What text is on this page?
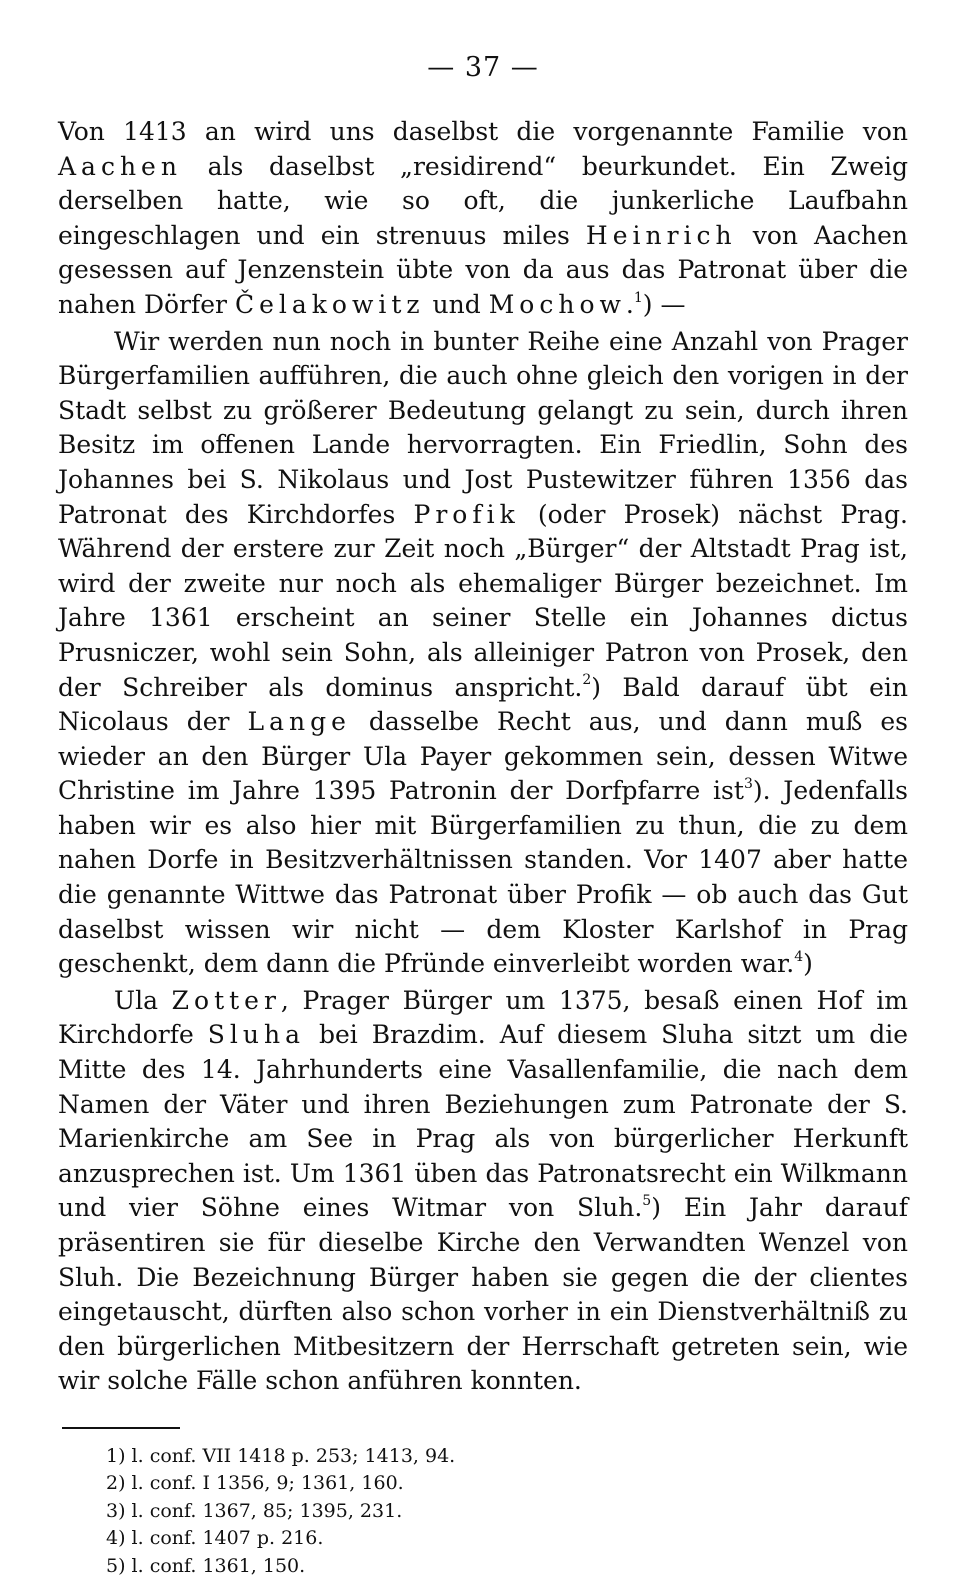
— 37 —

Von 1413 an wird uns daselbst die vorgenannte Familie von Aachen als daselbst „residirend“ beurkundet. Ein Zweig derselben hatte, wie so oft, die junkerliche Laufbahn eingeschlagen und ein strenuus miles Heinrich von Aachen gesessen auf Jenzenstein übte von da aus das Patronat über die nahen Dörfer Čelakowitz und Mochow.$^1$) —

Wir werden nun noch in bunter Reihe eine Anzahl von Prager Bürgerfamilien aufführen, die auch ohne gleich den vorigen in der Stadt selbst zu größerer Bedeutung gelangt zu sein, durch ihren Besitz im offenen Lande hervorragten. Ein Friedlin, Sohn des Johannes bei S. Nikolaus und Jost Pustewitzer führen 1356 das Patronat des Kirchdorfes Profik (oder Prosek) nächst Prag. Während der erstere zur Zeit noch „Bürger“ der Altstadt Prag ist, wird der zweite nur noch als ehemaliger Bürger bezeichnet. Im Jahre 1361 erscheint an seiner Stelle ein Johannes dictus Prusniczer, wohl sein Sohn, als alleiniger Patron von Prosek, den der Schreiber als dominus anspricht.$^2$) Bald darauf übt ein Nicolaus der Lange dasselbe Recht aus, und dann muß es wieder an den Bürger Ula Payer gekommen sein, dessen Witwe Christine im Jahre 1395 Patronin der Dorfpfarre ist$^3$). Jedenfalls haben wir es also hier mit Bürgerfamilien zu thun, die zu dem nahen Dorfe in Besitzverhältnissen standen. Vor 1407 aber hatte die genannte Wittwe das Patronat über Profik — ob auch das Gut daselbst wissen wir nicht — dem Kloster Karlshof in Prag geschenkt, dem dann die Pfründe einverleibt worden war.$^4$)

Ula Zotter, Prager Bürger um 1375, besaß einen Hof im Kirchdorfe Sluha bei Brazdim. Auf diesem Sluha sitzt um die Mitte des 14. Jahrhunderts eine Vasallenfamilie, die nach dem Namen der Väter und ihren Beziehungen zum Patronate der S. Marienkirche am See in Prag als von bürgerlicher Herkunft anzusprechen ist. Um 1361 üben das Patronatsrecht ein Wilkmann und vier Söhne eines Witmar von Sluh.$^5$) Ein Jahr darauf präsentiren sie für dieselbe Kirche den Verwandten Wenzel von Sluh. Die Bezeichnung Bürger haben sie gegen die der clientes eingetauscht, dürften also schon vorher in ein Dienstverhältniß zu den bürgerlichen Mitbesitzern der Herrschaft getreten sein, wie wir solche Fälle schon anführen konnten.

1) l. conf. VII 1418 p. 253; 1413, 94.
2) l. conf. I 1356, 9; 1361, 160.
3) l. conf. 1367, 85; 1395, 231.
4) l. conf. 1407 p. 216.
5) l. conf. 1361, 150.
